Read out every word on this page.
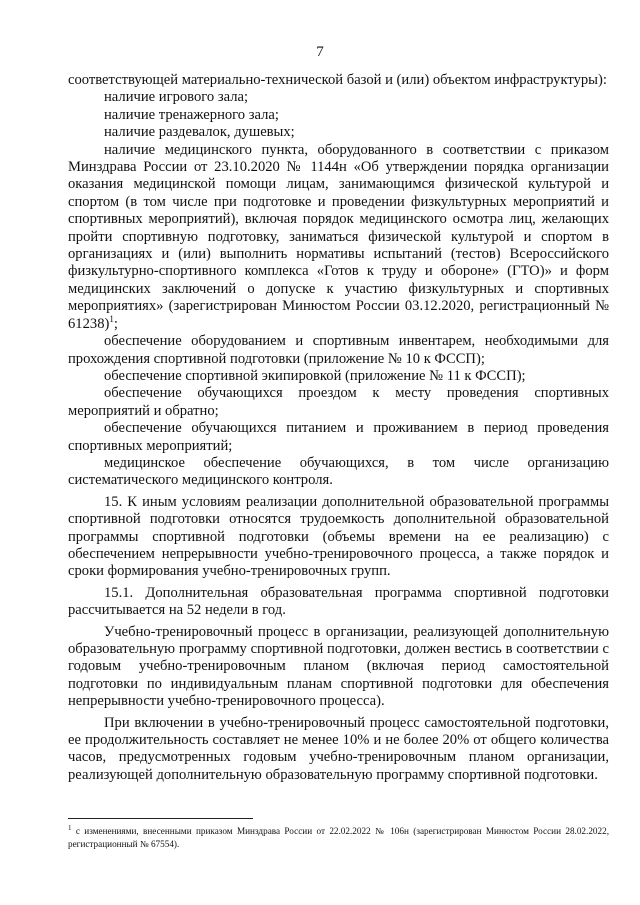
7

соответствующей материально-технической базой и (или) объектом инфраструктуры):

наличие игрового зала;

наличие тренажерного зала;

наличие раздевалок, душевых;

наличие медицинского пункта, оборудованного в соответствии с приказом Минздрава России от 23.10.2020 № 1144н «Об утверждении порядка организации оказания медицинской помощи лицам, занимающимся физической культурой и спортом (в том числе при подготовке и проведении физкультурных мероприятий и спортивных мероприятий), включая порядок медицинского осмотра лиц, желающих пройти спортивную подготовку, заниматься физической культурой и спортом в организациях и (или) выполнить нормативы испытаний (тестов) Всероссийского физкультурно-спортивного комплекса «Готов к труду и обороне» (ГТО)» и форм медицинских заключений о допуске к участию физкультурных и спортивных мероприятиях» (зарегистрирован Минюстом России 03.12.2020, регистрационный № 61238)$^1$;

обеспечение оборудованием и спортивным инвентарем, необходимыми для прохождения спортивной подготовки (приложение № 10 к ФССП);

обеспечение спортивной экипировкой (приложение № 11 к ФССП);

обеспечение обучающихся проездом к месту проведения спортивных мероприятий и обратно;

обеспечение обучающихся питанием и проживанием в период проведения спортивных мероприятий;

медицинское обеспечение обучающихся, в том числе организацию систематического медицинского контроля.

15. К иным условиям реализации дополнительной образовательной программы спортивной подготовки относятся трудоемкость дополнительной образовательной программы спортивной подготовки (объемы времени на ее реализацию) с обеспечением непрерывности учебно-тренировочного процесса, а также порядок и сроки формирования учебно-тренировочных групп.

15.1. Дополнительная образовательная программа спортивной подготовки рассчитывается на 52 недели в год.

Учебно-тренировочный процесс в организации, реализующей дополнительную образовательную программу спортивной подготовки, должен вестись в соответствии с годовым учебно-тренировочным планом (включая период самостоятельной подготовки по индивидуальным планам спортивной подготовки для обеспечения непрерывности учебно-тренировочного процесса).

При включении в учебно-тренировочный процесс самостоятельной подготовки, ее продолжительность составляет не менее 10% и не более 20% от общего количества часов, предусмотренных годовым учебно-тренировочным планом организации, реализующей дополнительную образовательную программу спортивной подготовки.

$^1$ с изменениями, внесенными приказом Минздрава России от 22.02.2022 № 106н (зарегистрирован Минюстом России 28.02.2022, регистрационный № 67554).
